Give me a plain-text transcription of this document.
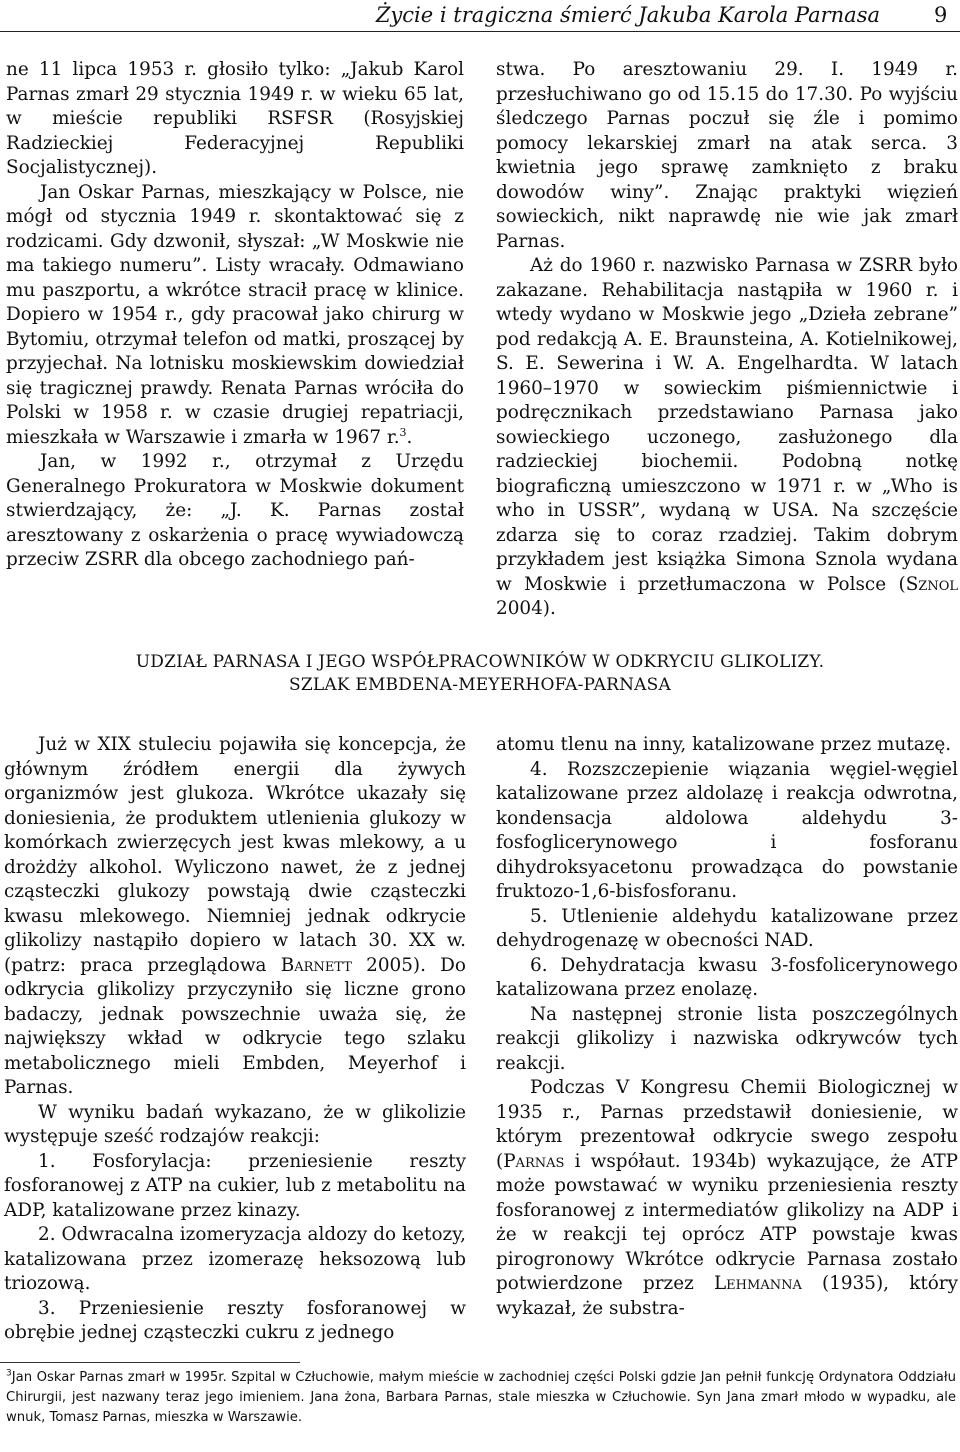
Życie i tragiczna śmierć Jakuba Karola Parnasa	9

ne 11 lipca 1953 r. głosiło tylko: „Jakub Karol Parnas zmarł 29 stycznia 1949 r. w wieku 65 lat, w mieście republiki RSFSR (Rosyjskiej Radzieckiej Federacyjnej Republiki Socjalistycznej).

Jan Oskar Parnas, mieszkający w Polsce, nie mógł od stycznia 1949 r. skontaktować się z rodzicami. Gdy dzwonił, słyszał: „W Moskwie nie ma takiego numeru”. Listy wracały. Odmawiano mu paszportu, a wkrótce stracił pracę w klinice. Dopiero w 1954 r., gdy pracował jako chirurg w Bytomiu, otrzymał telefon od matki, proszącej by przyjechał. Na lotnisku moskiewskim dowiedział się tragicznej prawdy. Renata Parnas wróciła do Polski w 1958 r. w czasie drugiej repatriacji, mieszkała w Warszawie i zmarła w 1967 r.$^3$.

Jan, w 1992 r., otrzymał z Urzędu Generalnego Prokuratora w Moskwie dokument stwierdzający, że: „J. K. Parnas został aresztowany z oskarżenia o pracę wywiadowczą przeciw ZSRR dla obcego zachodniego pań-

stwa. Po aresztowaniu 29. I. 1949 r. przesłuchiwano go od 15.15 do 17.30. Po wyjściu śledczego Parnas poczuł się źle i pomimo pomocy lekarskiej zmarł na atak serca. 3 kwietnia jego sprawę zamknięto z braku dowodów winy”. Znając praktyki więzień sowieckich, nikt naprawdę nie wie jak zmarł Parnas.

Aż do 1960 r. nazwisko Parnasa w ZSRR było zakazane. Rehabilitacja nastąpiła w 1960 r. i wtedy wydano w Moskwie jego „Dzieła zebrane” pod redakcją A. E. Braunsteina, A. Kotielnikowej, S. E. Sewerina i W. A. Engelhardta. W latach 1960–1970 w sowieckim piśmiennictwie i podręcznikach przedstawiano Parnasa jako sowieckiego uczonego, zasłużonego dla radzieckiej biochemii. Podobną notkę biograficzną umieszczono w 1971 r. w „Who is who in USSR”, wydaną w USA. Na szczęście zdarza się to coraz rzadziej. Takim dobrym przykładem jest książka Simona Sznola wydana w Moskwie i przetłumaczona w Polsce (Sznol 2004).

UDZIAŁ PARNASA I JEGO WSPÓŁPRACOWNIKÓW W ODKRYCIU GLIKOLIZY.
SZLAK EMBDENA-MEYERHOFA-PARNASA

Już w XIX stuleciu pojawiła się koncepcja, że głównym źródłem energii dla żywych organizmów jest glukoza. Wkrótce ukazały się doniesienia, że produktem utlenienia glukozy w komórkach zwierzęcych jest kwas mlekowy, a u drożdży alkohol. Wyliczono nawet, że z jednej cząsteczki glukozy powstają dwie cząsteczki kwasu mlekowego. Niemniej jednak odkrycie glikolizy nastąpiło dopiero w latach 30. XX w. (patrz: praca przeglądowa Barnett 2005). Do odkrycia glikolizy przyczyniło się liczne grono badaczy, jednak powszechnie uważa się, że największy wkład w odkrycie tego szlaku metabolicznego mieli Embden, Meyerhof i Parnas.

W wyniku badań wykazano, że w glikolizie występuje sześć rodzajów reakcji:

1. Fosforylacja: przeniesienie reszty fosforanowej z ATP na cukier, lub z metabolitu na ADP, katalizowane przez kinazy.

2. Odwracalna izomeryzacja aldozy do ketozy, katalizowana przez izomerazę heksozową lub triozową.

3. Przeniesienie reszty fosforanowej w obrębie jednej cząsteczki cukru z jednego

atomu tlenu na inny, katalizowane przez mutazę.

4. Rozszczepienie wiązania węgiel-węgiel katalizowane przez aldolazę i reakcja odwrotna, kondensacja aldolowa aldehydu 3-fosfoglicerynowego i fosforanu dihydroksyacetonu prowadząca do powstanie fruktozo-1,6-bisfosforanu.

5. Utlenienie aldehydu katalizowane przez dehydrogenazę w obecności NAD.

6. Dehydratacja kwasu 3-fosfolicerynowego katalizowana przez enolazę.

Na następnej stronie lista poszczególnych reakcji glikolizy i nazwiska odkrywców tych reakcji.

Podczas V Kongresu Chemii Biologicznej w 1935 r., Parnas przedstawił doniesienie, w którym prezentował odkrycie swego zespołu (Parnas i współaut. 1934b) wykazujące, że ATP może powstawać w wyniku przeniesienia reszty fosforanowej z intermediatów glikolizy na ADP i że w reakcji tej oprócz ATP powstaje kwas pirogronowy Wkrótce odkrycie Parnasa zostało potwierdzone przez Lehmanna (1935), który wykazał, że substra-

$^3$Jan Oskar Parnas zmarł w 1995r. Szpital w Człuchowie, małym mieście w zachodniej części Polski gdzie Jan pełnił funkcję Ordynatora Oddziału Chirurgii, jest nazwany teraz jego imieniem. Jana żona, Barbara Parnas, stale mieszka w Człuchowie. Syn Jana zmarł młodo w wypadku, ale wnuk, Tomasz Parnas, mieszka w Warszawie.
